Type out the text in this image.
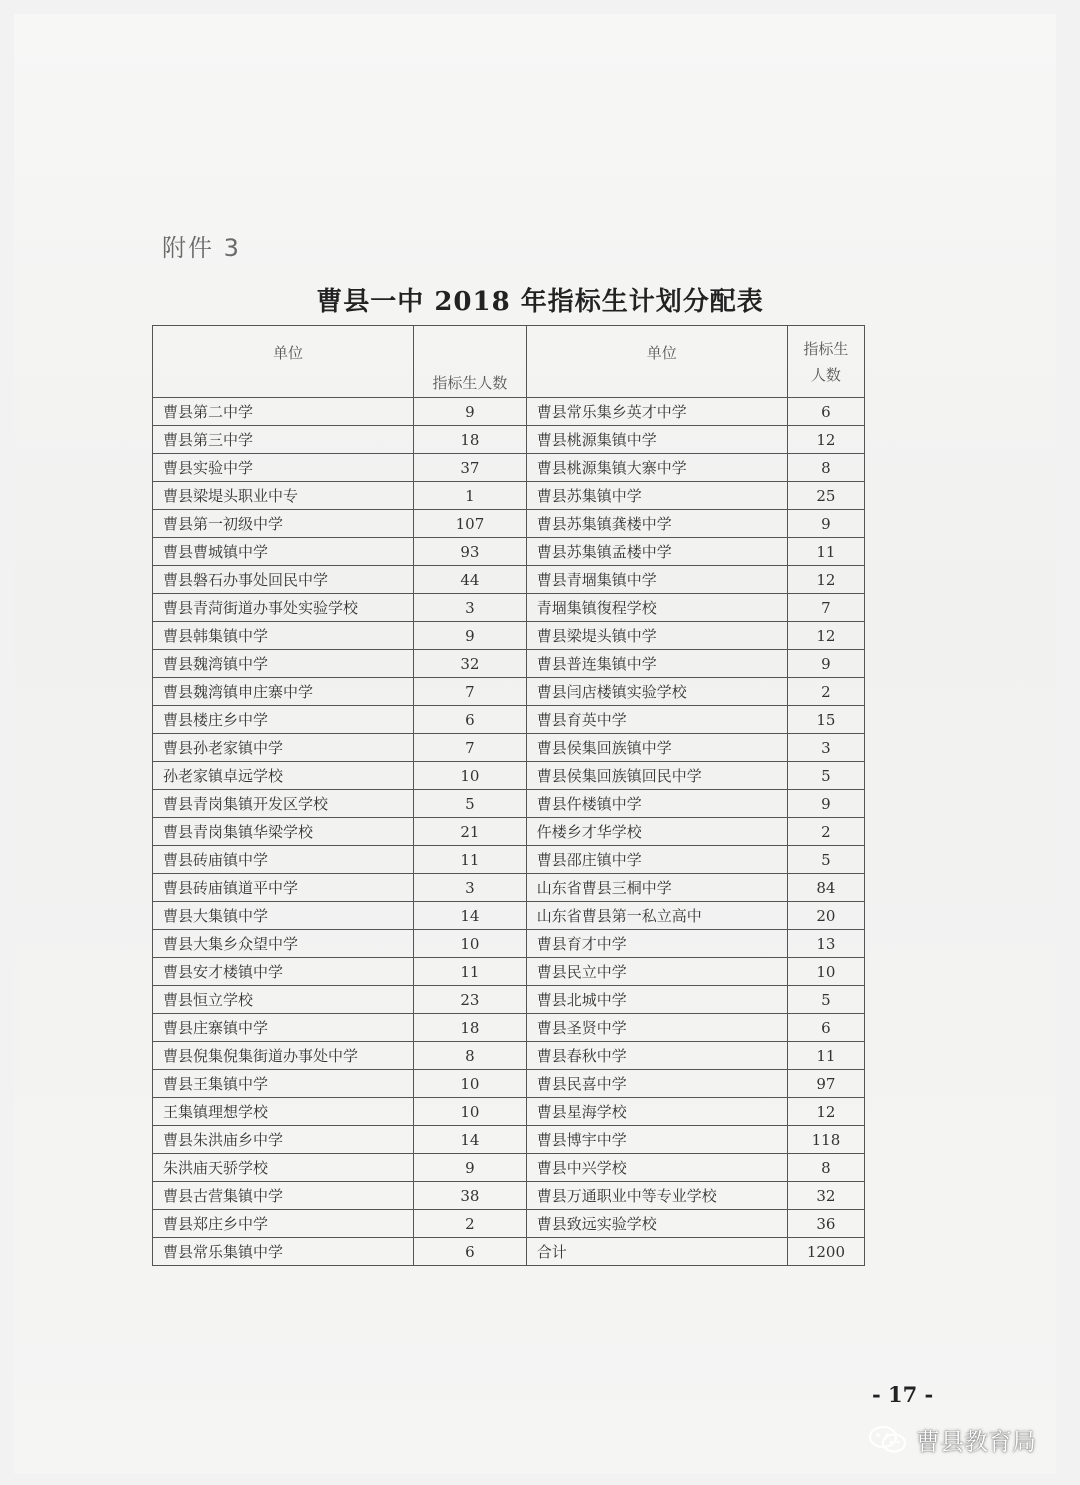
附件 3
曹县一中 2018 年指标生计划分配表
单位	指标生人数	单位	指标生
人数
曹县第二中学	9	曹县常乐集乡英才中学	6
曹县第三中学	18	曹县桃源集镇中学	12
曹县实验中学	37	曹县桃源集镇大寨中学	8
曹县梁堤头职业中专	1	曹县苏集镇中学	25
曹县第一初级中学	107	曹县苏集镇龚楼中学	9
曹县曹城镇中学	93	曹县苏集镇孟楼中学	11
曹县磐石办事处回民中学	44	曹县青堌集镇中学	12
曹县青菏街道办事处实验学校	3	青堌集镇復程学校	7
曹县韩集镇中学	9	曹县梁堤头镇中学	12
曹县魏湾镇中学	32	曹县普连集镇中学	9
曹县魏湾镇申庄寨中学	7	曹县闫店楼镇实验学校	2
曹县楼庄乡中学	6	曹县育英中学	15
曹县孙老家镇中学	7	曹县侯集回族镇中学	3
孙老家镇卓远学校	10	曹县侯集回族镇回民中学	5
曹县青岗集镇开发区学校	5	曹县仵楼镇中学	9
曹县青岗集镇华梁学校	21	仵楼乡才华学校	2
曹县砖庙镇中学	11	曹县邵庄镇中学	5
曹县砖庙镇道平中学	3	山东省曹县三桐中学	84
曹县大集镇中学	14	山东省曹县第一私立高中	20
曹县大集乡众望中学	10	曹县育才中学	13
曹县安才楼镇中学	11	曹县民立中学	10
曹县恒立学校	23	曹县北城中学	5
曹县庄寨镇中学	18	曹县圣贤中学	6
曹县倪集倪集街道办事处中学	8	曹县春秋中学	11
曹县王集镇中学	10	曹县民喜中学	97
王集镇理想学校	10	曹县星海学校	12
曹县朱洪庙乡中学	14	曹县博宇中学	118
朱洪庙天骄学校	9	曹县中兴学校	8
曹县古营集镇中学	38	曹县万通职业中等专业学校	32
曹县郑庄乡中学	2	曹县致远实验学校	36
曹县常乐集镇中学	6	合计	1200
- 17 -
曹县教育局
